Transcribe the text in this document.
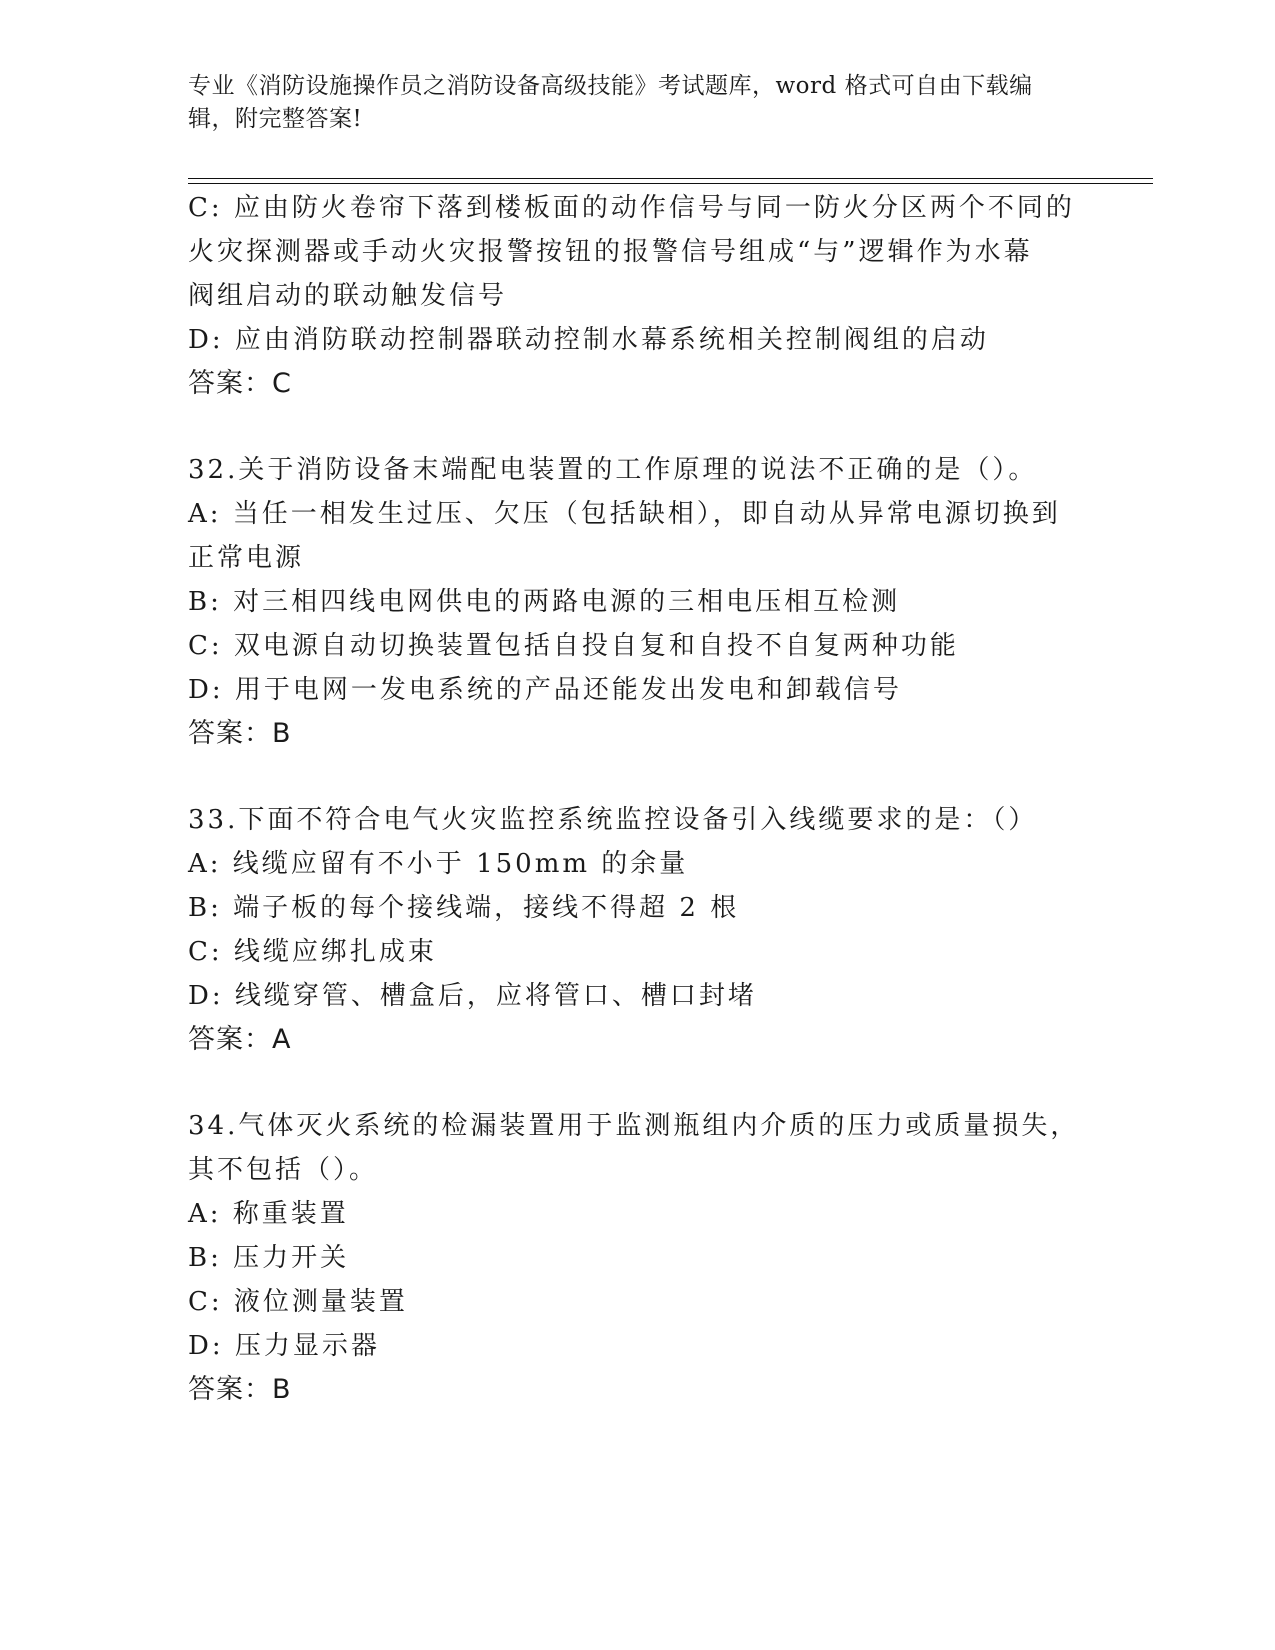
专业《消防设施操作员之消防设备高级技能》考试题库，word 格式可自由下载编
辑，附完整答案!
C: 应由防火卷帘下落到楼板面的动作信号与同一防火分区两个不同的
火灾探测器或手动火灾报警按钮的报警信号组成“与”逻辑作为水幕
阀组启动的联动触发信号
D: 应由消防联动控制器联动控制水幕系统相关控制阀组的启动
答案：C
32.关于消防设备末端配电装置的工作原理的说法不正确的是（）。
A: 当任一相发生过压、欠压（包括缺相），即自动从异常电源切换到
正常电源
B: 对三相四线电网供电的两路电源的三相电压相互检测
C: 双电源自动切换装置包括自投自复和自投不自复两种功能
D: 用于电网一发电系统的产品还能发出发电和卸载信号
答案：B
33.下面不符合电气火灾监控系统监控设备引入线缆要求的是：（）
A: 线缆应留有不小于 150mm 的余量
B: 端子板的每个接线端，接线不得超 2 根
C: 线缆应绑扎成束
D: 线缆穿管、槽盒后，应将管口、槽口封堵
答案：A
34.气体灭火系统的检漏装置用于监测瓶组内介质的压力或质量损失，
其不包括（）。
A: 称重装置
B: 压力开关
C: 液位测量装置
D: 压力显示器
答案：B
